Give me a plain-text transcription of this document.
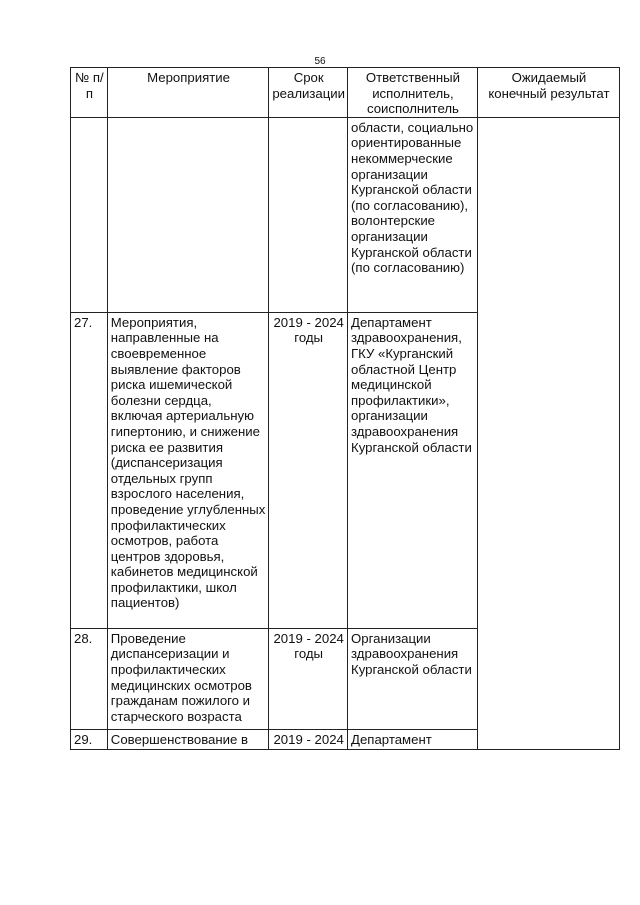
56
№ п/п	Мероприятие	Срок реализации	Ответственный исполнитель, соисполнитель	Ожидаемый конечный результат
			области, социально ориентированные некоммерческие организации Курганской области (по согласованию), волонтерские организации Курганской области (по согласованию)	
27.	Мероприятия, направленные на своевременное выявление факторов риска ишемической болезни сердца, включая артериальную гипертонию, и снижение риска ее развития (диспансеризация отдельных групп взрослого населения, проведение углубленных профилактических осмотров, работа центров здоровья, кабинетов медицинской профилактики, школ пациентов)	2019 - 2024 годы	Департамент здравоохранения, ГКУ «Курганский областной Центр медицинской профилактики», организации здравоохранения Курганской области	
28.	Проведение диспансеризации и профилактических медицинских осмотров гражданам пожилого и старческого возраста	2019 - 2024 годы	Организации здравоохранения Курганской области	
29.	Совершенствование в	2019 - 2024	Департамент	
